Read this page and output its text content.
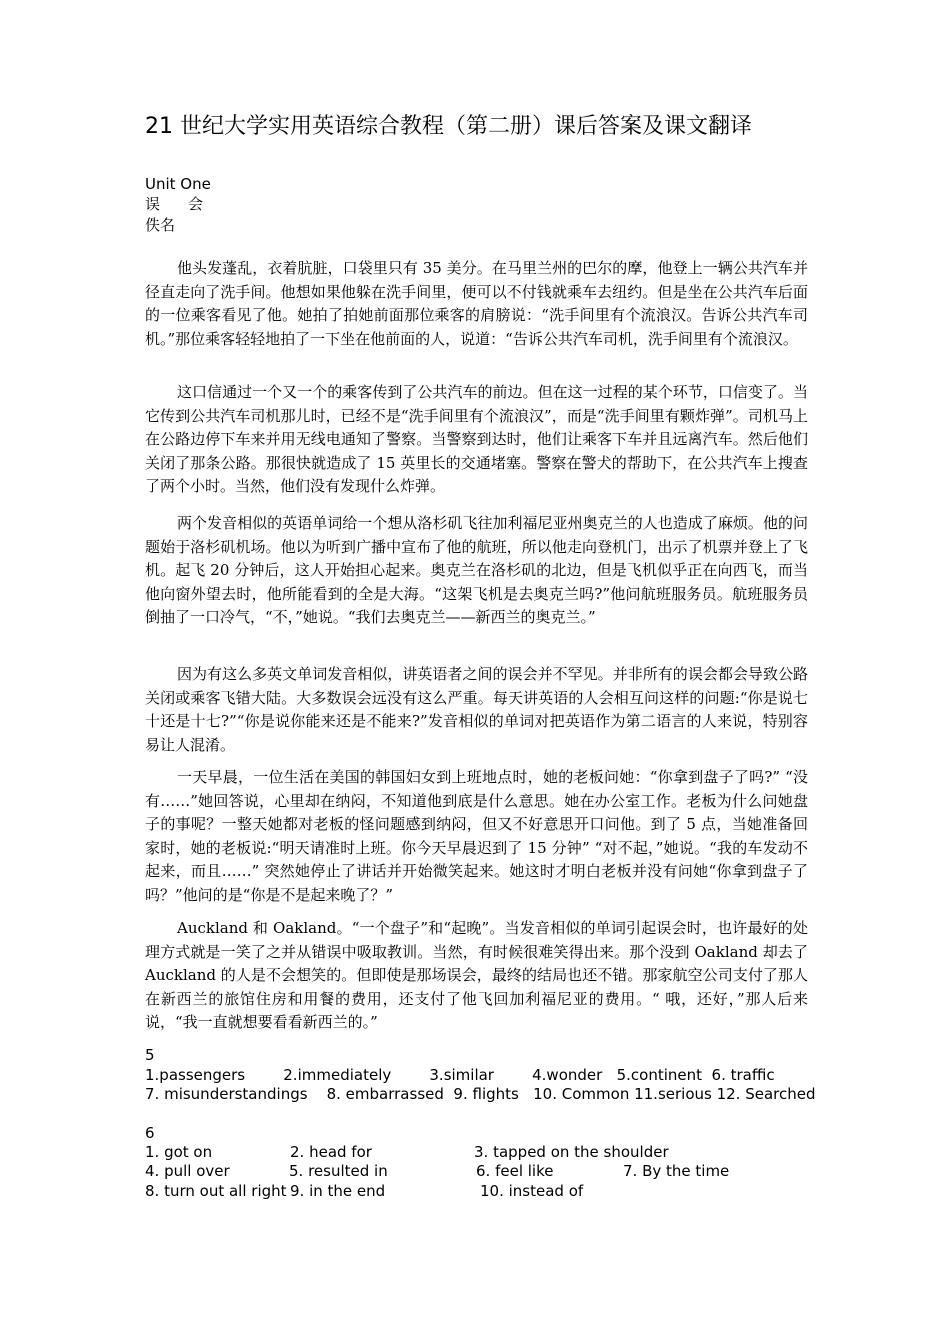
21 世纪大学实用英语综合教程（第二册）课后答案及课文翻译
Unit One
误 会
佚名

他头发蓬乱，衣着肮脏，口袋里只有 35 美分。在马里兰州的巴尔的摩，他登上一辆公共汽车并径直走向了洗手间。他想如果他躲在洗手间里，便可以不付钱就乘车去纽约。但是坐在公共汽车后面的一位乘客看见了他。她拍了拍她前面那位乘客的肩膀说：“洗手间里有个流浪汉。告诉公共汽车司机。”那位乘客轻轻地拍了一下坐在他前面的人，说道：“告诉公共汽车司机，洗手间里有个流浪汉。

这口信通过一个又一个的乘客传到了公共汽车的前边。但在这一过程的某个环节，口信变了。当它传到公共汽车司机那儿时，已经不是“洗手间里有个流浪汉”，而是“洗手间里有颗炸弹”。司机马上在公路边停下车来并用无线电通知了警察。当警察到达时，他们让乘客下车并且远离汽车。然后他们关闭了那条公路。那很快就造成了 15 英里长的交通堵塞。警察在警犬的帮助下，在公共汽车上搜查了两个小时。当然，他们没有发现什么炸弹。

两个发音相似的英语单词给一个想从洛杉矶飞往加利福尼亚州奥克兰的人也造成了麻烦。他的问题始于洛杉矶机场。他以为听到广播中宣布了他的航班，所以他走向登机门，出示了机票并登上了飞机。起飞 20 分钟后，这人开始担心起来。奥克兰在洛杉矶的北边，但是飞机似乎正在向西飞，而当他向窗外望去时，他所能看到的全是大海。“这架飞机是去奥克兰吗?”他问航班服务员。航班服务员倒抽了一口冷气，“不，”她说。“我们去奥克兰——新西兰的奥克兰。”

因为有这么多英文单词发音相似，讲英语者之间的误会并不罕见。并非所有的误会都会导致公路关闭或乘客飞错大陆。大多数误会远没有这么严重。每天讲英语的人会相互问这样的问题:“你是说七十还是十七?”“你是说你能来还是不能来?”发音相似的单词对把英语作为第二语言的人来说，特别容易让人混淆。

一天早晨，一位生活在美国的韩国妇女到上班地点时，她的老板问她：“你拿到盘子了吗?” “没有……”她回答说，心里却在纳闷，不知道他到底是什么意思。她在办公室工作。老板为什么问她盘子的事呢？一整天她都对老板的怪问题感到纳闷，但又不好意思开口问他。到了 5 点，当她准备回家时，她的老板说:“明天请准时上班。你今天早晨迟到了 15 分钟” “对不起，”她说。“我的车发动不起来，而且……” 突然她停止了讲话并开始微笑起来。她这时才明白老板并没有问她“你拿到盘子了吗？”他问的是“你是不是起来晚了？”

Auckland 和 Oakland。“一个盘子”和“起晚”。当发音相似的单词引起误会时，也许最好的处理方式就是一笑了之并从错误中吸取教训。当然，有时候很难笑得出来。那个没到 Oakland 却去了 Auckland 的人是不会想笑的。但即使是那场误会，最终的结局也还不错。那家航空公司支付了那人在新西兰的旅馆住房和用餐的费用，还支付了他飞回加利福尼亚的费用。“ 哦，还好，”那人后来说，“我一直就想要看看新西兰的。”

5
1.passengers        2.immediately        3.similar        4.wonder   5.continent  6. traffic
7. misunderstandings    8. embarrassed  9. flights   10. Common 11.serious 12. Searched
6
1. got on	2. head for	3. tapped on the shoulder
4. pull over	5. resulted in	6. feel like	7. By the time
8. turn out all right 9. in the end	10. instead of
